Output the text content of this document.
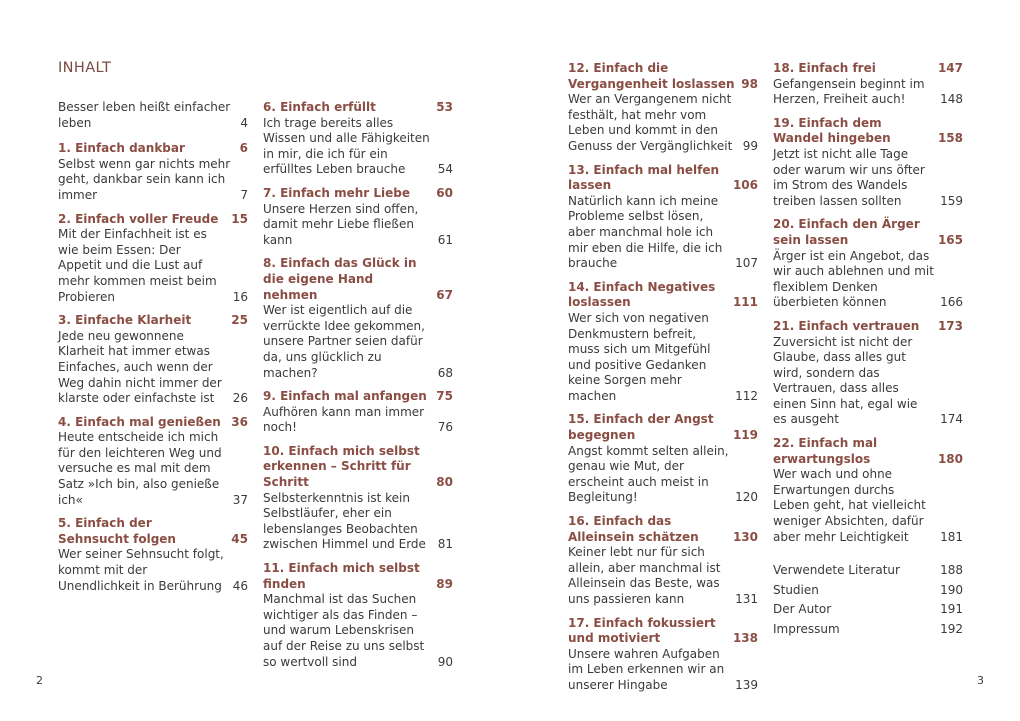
INHALT
2	3
Besser leben heißt einfacher leben	4
1. Einfach dankbar	6
Selbst wenn gar nichts mehr geht, dankbar sein kann ich immer	7
2. Einfach voller Freude	15
Mit der Einfachheit ist es wie beim Essen: Der Appetit und die Lust auf mehr kommen meist beim Probieren	16
3. Einfache Klarheit	25
Jede neu gewonnene Klarheit hat immer etwas Einfaches, auch wenn der Weg dahin nicht immer der klarste oder einfachste ist	26
4. Einfach mal genießen 36
Heute entscheide ich mich für den leichteren Weg und versuche es mal mit dem Satz »Ich bin, also genieße ich«	37
5. Einfach der Sehnsucht folgen	45
Wer seiner Sehnsucht folgt, kommt mit der Unendlichkeit in Berührung 46
6. Einfach erfüllt	53
Ich trage bereits alles Wissen und alle Fähigkeiten in mir, die ich für ein erfülltes Leben brauche	54
7. Einfach mehr Liebe	60
Unsere Herzen sind offen, damit mehr Liebe fließen kann	61
8. Einfach das Glück in die eigene Hand nehmen	67
Wer ist eigentlich auf die verrückte Idee gekommen, unsere Partner seien dafür da, uns glücklich zu machen?	68
9. Einfach mal anfangen 75
Aufhören kann man immer noch!	76
10. Einfach mich selbst erkennen – Schritt für Schritt	80
Selbsterkenntnis ist kein Selbstläufer, eher ein lebenslanges Beobachten zwischen Himmel und Erde 81
11. Einfach mich selbst finden	89
Manchmal ist das Suchen wichtiger als das Finden – und warum Lebenskrisen auf der Reise zu uns selbst so wertvoll sind	90
12. Einfach die Vergangenheit loslassen 98
Wer an Vergangenem nicht festhält, hat mehr vom Leben und kommt in den Genuss der Vergänglichkeit 99
13. Einfach mal helfen lassen	106
Natürlich kann ich meine Probleme selbst lösen, aber manchmal hole ich mir eben die Hilfe, die ich brauche	107
14. Einfach Negatives loslassen	111
Wer sich von negativen Denkmustern befreit, muss sich um Mitgefühl und positive Gedanken keine Sorgen mehr machen	112
15. Einfach der Angst begegnen	119
Angst kommt selten allein, genau wie Mut, der erscheint auch meist in Begleitung!	120
16. Einfach das Alleinsein schätzen	130
Keiner lebt nur für sich allein, aber manchmal ist Alleinsein das Beste, was uns passieren kann	131
17. Einfach fokussiert und motiviert	138
Unsere wahren Aufgaben im Leben erkennen wir an unserer Hingabe	139
18. Einfach frei	147
Gefangensein beginnt im Herzen, Freiheit auch!	148
19. Einfach dem Wandel hingeben	158
Jetzt ist nicht alle Tage oder warum wir uns öfter im Strom des Wandels treiben lassen sollten	159
20. Einfach den Ärger sein lassen	165
Ärger ist ein Angebot, das wir auch ablehnen und mit flexiblem Denken überbieten können	166
21. Einfach vertrauen	173
Zuversicht ist nicht der Glaube, dass alles gut wird, sondern das Vertrauen, dass alles einen Sinn hat, egal wie es ausgeht	174
22. Einfach mal erwartungslos	180
Wer wach und ohne Erwartungen durchs Leben geht, hat vielleicht weniger Absichten, dafür aber mehr Leichtigkeit	181
Verwendete Literatur	188
Studien	190
Der Autor	191
Impressum	192
